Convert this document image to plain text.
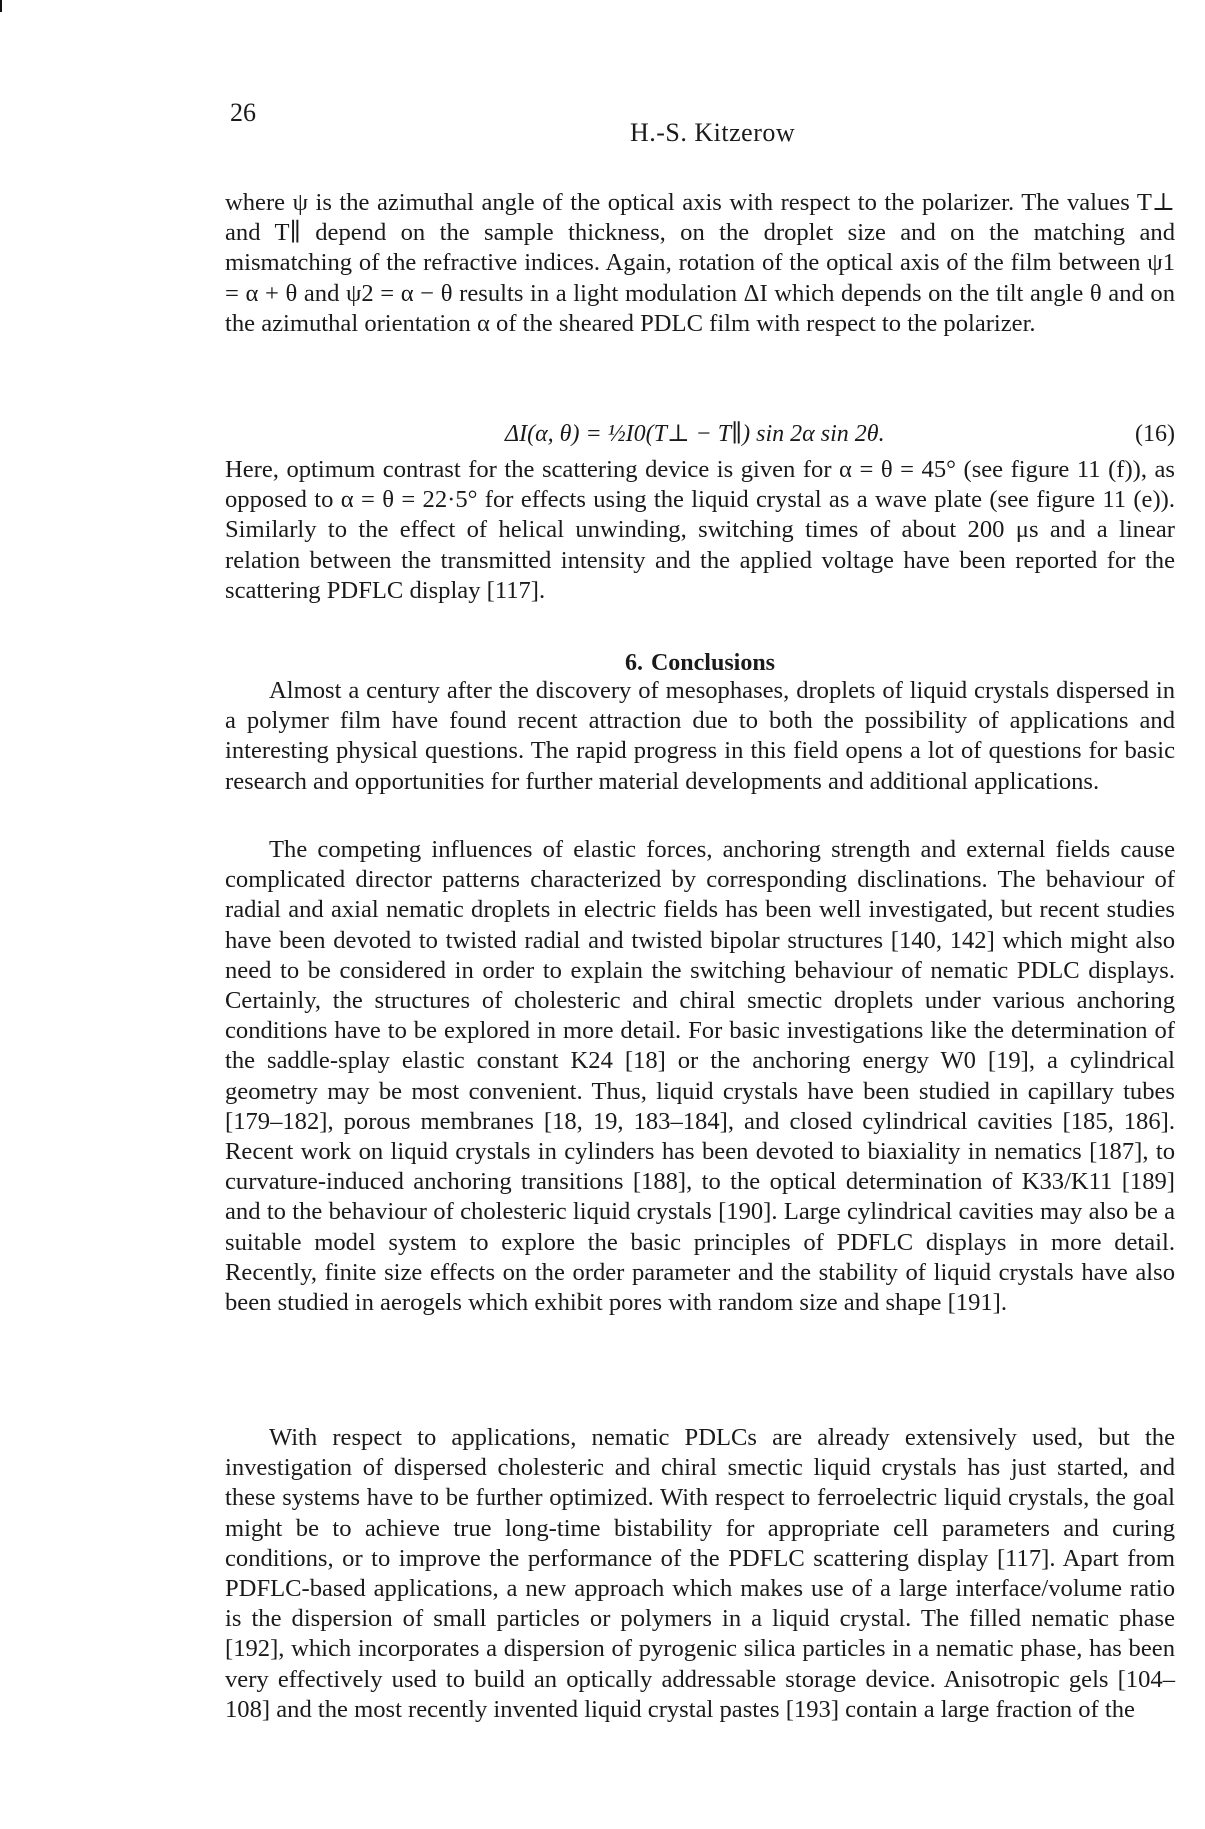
26
H.-S. Kitzerow

where ψ is the azimuthal angle of the optical axis with respect to the polarizer. The values T⊥ and T∥ depend on the sample thickness, on the droplet size and on the matching and mismatching of the refractive indices. Again, rotation of the optical axis of the film between ψ1 = α + θ and ψ2 = α − θ results in a light modulation ΔI which depends on the tilt angle θ and on the azimuthal orientation α of the sheared PDLC film with respect to the polarizer.

ΔI(α, θ) = ½I0(T⊥ − T∥) sin 2α sin 2θ.	(16)

Here, optimum contrast for the scattering device is given for α = θ = 45° (see figure 11 (f)), as opposed to α = θ = 22·5° for effects using the liquid crystal as a wave plate (see figure 11 (e)). Similarly to the effect of helical unwinding, switching times of about 200 μs and a linear relation between the transmitted intensity and the applied voltage have been reported for the scattering PDFLC display [117].

6. Conclusions

Almost a century after the discovery of mesophases, droplets of liquid crystals dispersed in a polymer film have found recent attraction due to both the possibility of applications and interesting physical questions. The rapid progress in this field opens a lot of questions for basic research and opportunities for further material developments and additional applications.

The competing influences of elastic forces, anchoring strength and external fields cause complicated director patterns characterized by corresponding disclinations. The behaviour of radial and axial nematic droplets in electric fields has been well investigated, but recent studies have been devoted to twisted radial and twisted bipolar structures [140, 142] which might also need to be considered in order to explain the switching behaviour of nematic PDLC displays. Certainly, the structures of cholesteric and chiral smectic droplets under various anchoring conditions have to be explored in more detail. For basic investigations like the determination of the saddle-splay elastic constant K24 [18] or the anchoring energy W0 [19], a cylindrical geometry may be most convenient. Thus, liquid crystals have been studied in capillary tubes [179–182], porous membranes [18, 19, 183–184], and closed cylindrical cavities [185, 186]. Recent work on liquid crystals in cylinders has been devoted to biaxiality in nematics [187], to curvature-induced anchoring transitions [188], to the optical determination of K33/K11 [189] and to the behaviour of cholesteric liquid crystals [190]. Large cylindrical cavities may also be a suitable model system to explore the basic principles of PDFLC displays in more detail. Recently, finite size effects on the order parameter and the stability of liquid crystals have also been studied in aerogels which exhibit pores with random size and shape [191].

With respect to applications, nematic PDLCs are already extensively used, but the investigation of dispersed cholesteric and chiral smectic liquid crystals has just started, and these systems have to be further optimized. With respect to ferroelectric liquid crystals, the goal might be to achieve true long-time bistability for appropriate cell parameters and curing conditions, or to improve the performance of the PDFLC scattering display [117]. Apart from PDFLC-based applications, a new approach which makes use of a large interface/volume ratio is the dispersion of small particles or polymers in a liquid crystal. The filled nematic phase [192], which incorporates a dispersion of pyrogenic silica particles in a nematic phase, has been very effectively used to build an optically addressable storage device. Anisotropic gels [104–108] and the most recently invented liquid crystal pastes [193] contain a large fraction of the
